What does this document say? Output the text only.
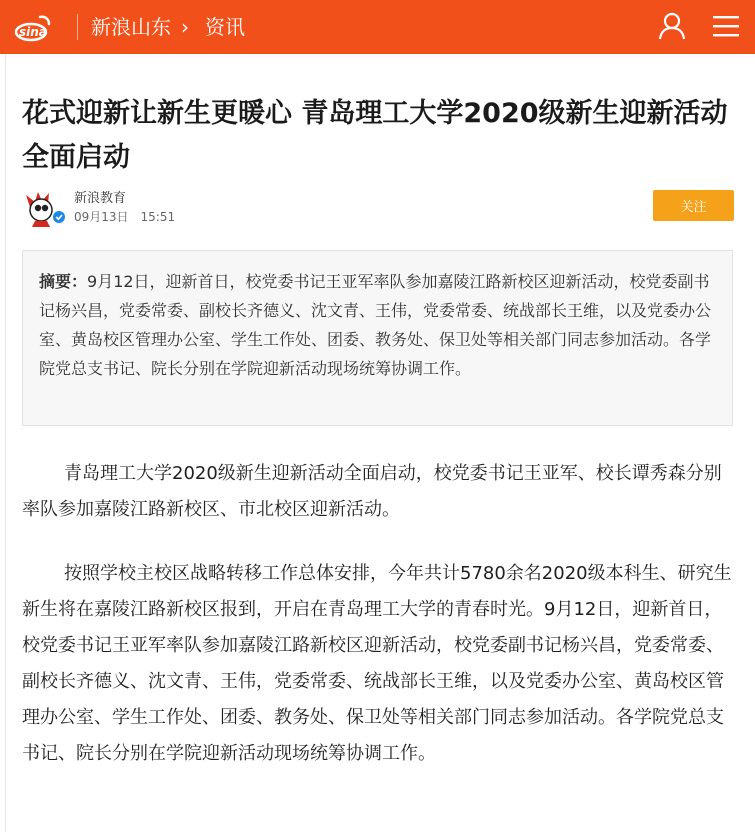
sina 新浪山东 › 资讯
花式迎新让新生更暖心 青岛理工大学2020级新生迎新活动全面启动
新浪教育
09月13日　15:51
关注

摘要：9月12日，迎新首日，校党委书记王亚军率队参加嘉陵江路新校区迎新活动，校党委副书记杨兴昌，党委常委、副校长齐德义、沈文青、王伟，党委常委、统战部长王维，以及党委办公室、黄岛校区管理办公室、学生工作处、团委、教务处、保卫处等相关部门同志参加活动。各学院党总支书记、院长分别在学院迎新活动现场统筹协调工作。

青岛理工大学2020级新生迎新活动全面启动，校党委书记王亚军、校长谭秀森分别率队参加嘉陵江路新校区、市北校区迎新活动。

按照学校主校区战略转移工作总体安排，今年共计5780余名2020级本科生、研究生新生将在嘉陵江路新校区报到，开启在青岛理工大学的青春时光。9月12日，迎新首日，校党委书记王亚军率队参加嘉陵江路新校区迎新活动，校党委副书记杨兴昌，党委常委、副校长齐德义、沈文青、王伟，党委常委、统战部长王维，以及党委办公室、黄岛校区管理办公室、学生工作处、团委、教务处、保卫处等相关部门同志参加活动。各学院党总支书记、院长分别在学院迎新活动现场统筹协调工作。
